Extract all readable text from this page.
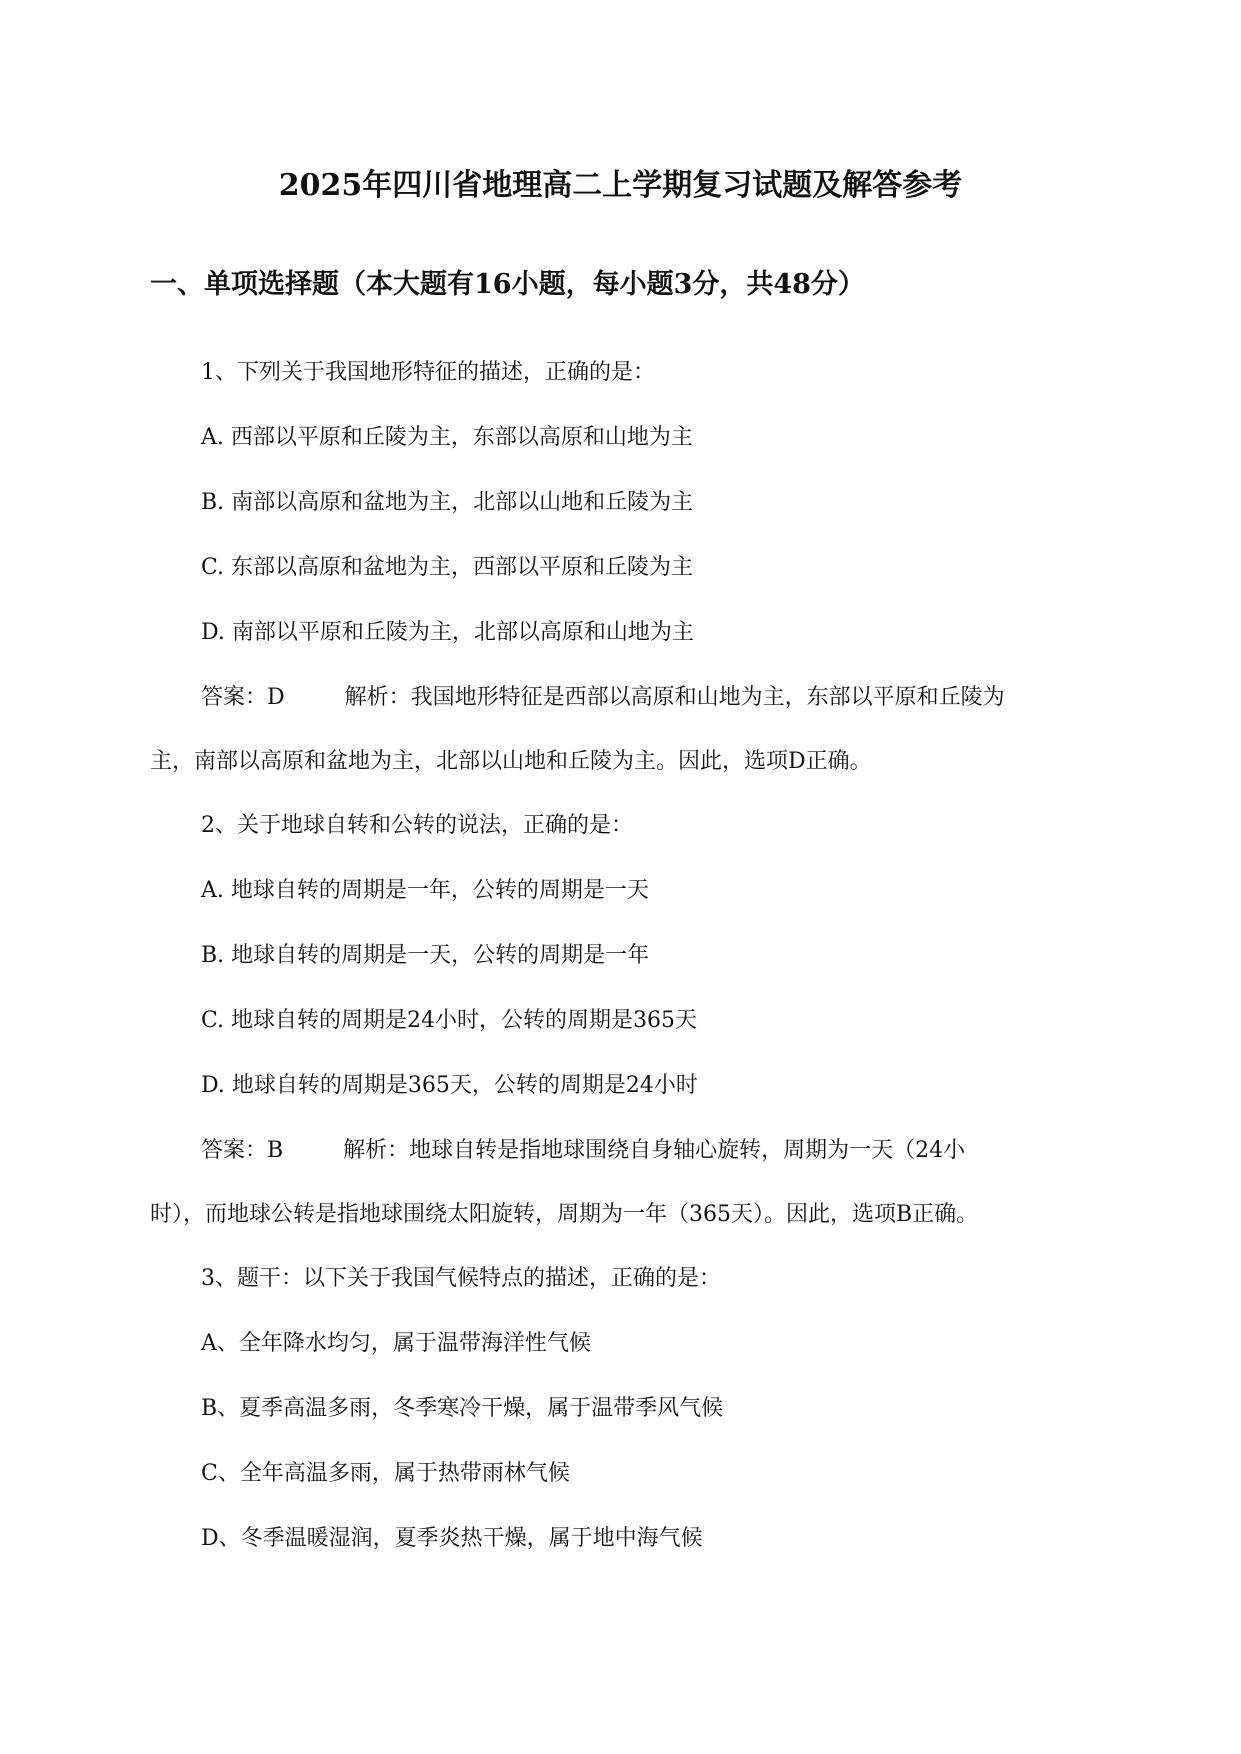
2025年四川省地理高二上学期复习试题及解答参考
一、单项选择题（本大题有16小题，每小题3分，共48分）
1、下列关于我国地形特征的描述，正确的是：
A. 西部以平原和丘陵为主，东部以高原和山地为主
B. 南部以高原和盆地为主，北部以山地和丘陵为主
C. 东部以高原和盆地为主，西部以平原和丘陵为主
D. 南部以平原和丘陵为主，北部以高原和山地为主
答案：D	解析：我国地形特征是西部以高原和山地为主，东部以平原和丘陵为
主，南部以高原和盆地为主，北部以山地和丘陵为主。因此，选项D正确。
2、关于地球自转和公转的说法，正确的是：
A. 地球自转的周期是一年，公转的周期是一天
B. 地球自转的周期是一天，公转的周期是一年
C. 地球自转的周期是24小时，公转的周期是365天
D. 地球自转的周期是365天，公转的周期是24小时
答案：B	解析：地球自转是指地球围绕自身轴心旋转，周期为一天（24小
时），而地球公转是指地球围绕太阳旋转，周期为一年（365天）。因此，选项B正确。
3、题干：以下关于我国气候特点的描述，正确的是：
A、全年降水均匀，属于温带海洋性气候
B、夏季高温多雨，冬季寒冷干燥，属于温带季风气候
C、全年高温多雨，属于热带雨林气候
D、冬季温暖湿润，夏季炎热干燥，属于地中海气候
